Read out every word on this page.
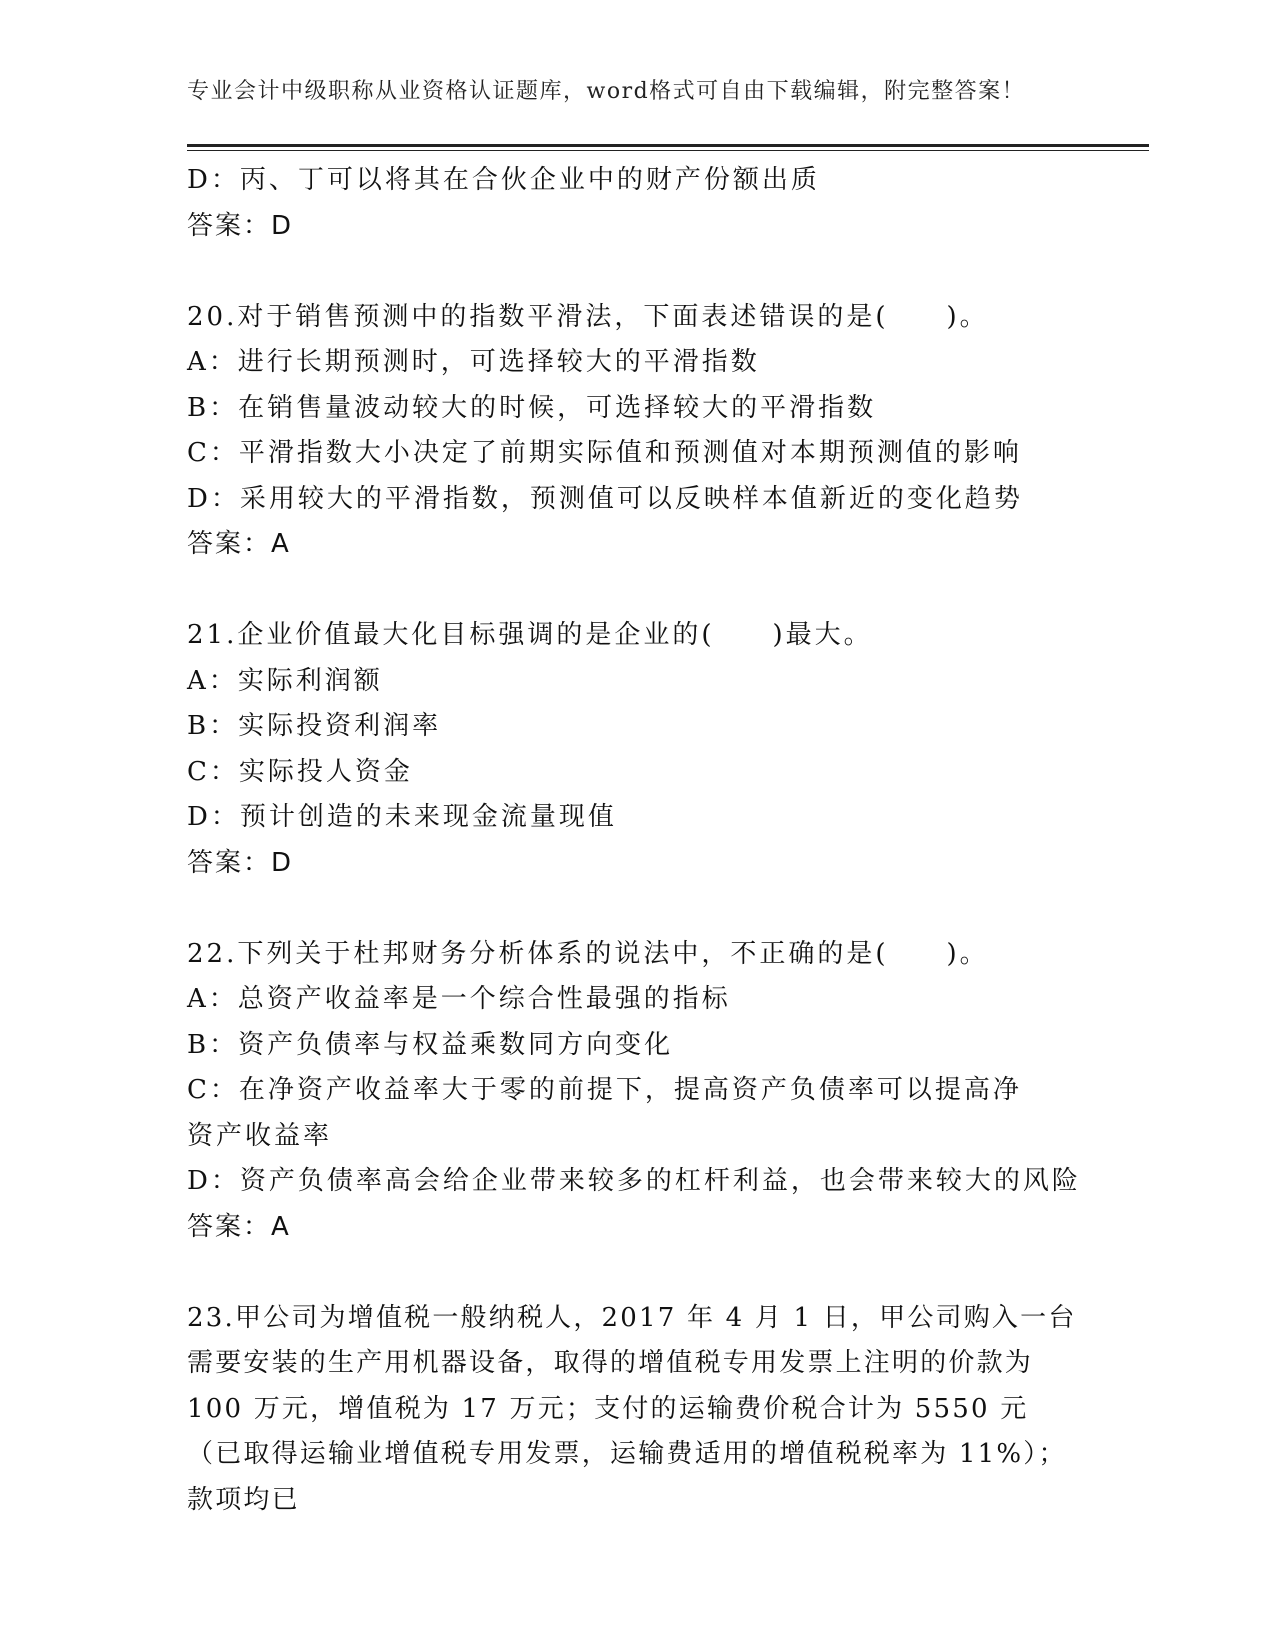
专业会计中级职称从业资格认证题库，word格式可自由下载编辑，附完整答案！
D：丙、丁可以将其在合伙企业中的财产份额出质
答案：D
20.对于销售预测中的指数平滑法，下面表述错误的是(　　)。
A：进行长期预测时，可选择较大的平滑指数
B：在销售量波动较大的时候，可选择较大的平滑指数
C：平滑指数大小决定了前期实际值和预测值对本期预测值的影响
D：采用较大的平滑指数，预测值可以反映样本值新近的变化趋势
答案：A
21.企业价值最大化目标强调的是企业的(　　)最大。
A：实际利润额
B：实际投资利润率
C：实际投人资金
D：预计创造的未来现金流量现值
答案：D
22.下列关于杜邦财务分析体系的说法中，不正确的是(　　)。
A：总资产收益率是一个综合性最强的指标
B：资产负债率与权益乘数同方向变化
C：在净资产收益率大于零的前提下，提高资产负债率可以提高净资产收益率
D：资产负债率高会给企业带来较多的杠杆利益，也会带来较大的风险
答案：A
23.甲公司为增值税一般纳税人，2017 年 4 月 1 日，甲公司购入一台需要安装的生产用机器设备，取得的增值税专用发票上注明的价款为 100 万元，增值税为 17 万元；支付的运输费价税合计为 5550 元（已取得运输业增值税专用发票，运输费适用的增值税税率为 11%）；款项均已
